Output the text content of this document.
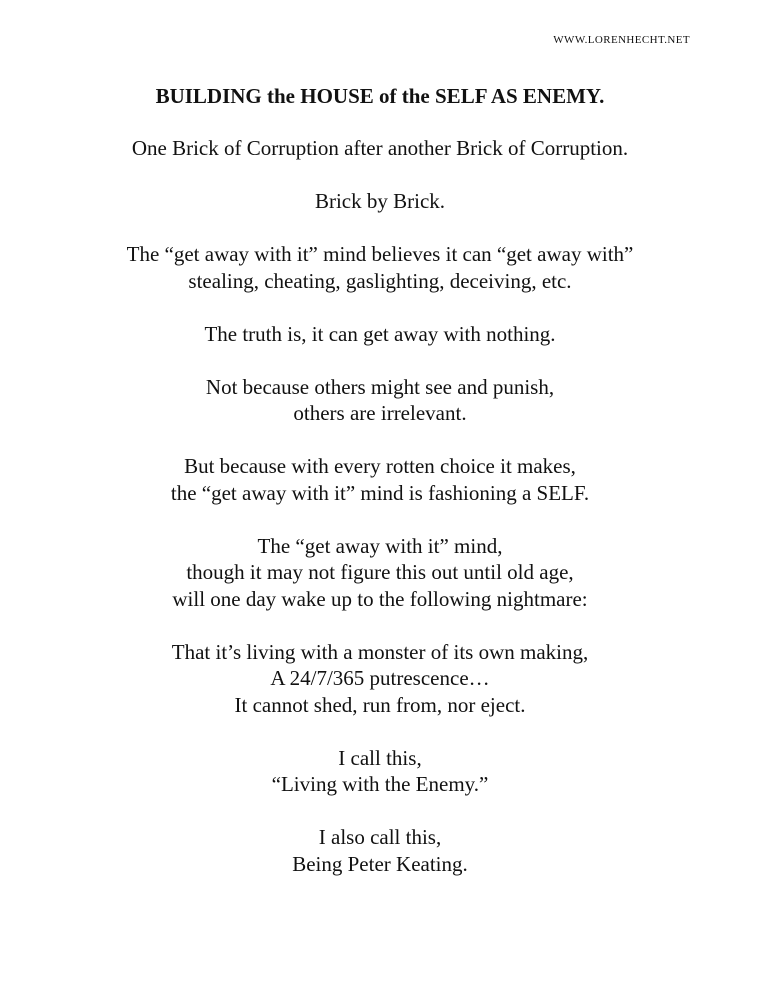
WWW.LORENHECHT.NET
BUILDING the HOUSE of the SELF AS ENEMY.
One Brick of Corruption after another Brick of Corruption.
Brick by Brick.
The “get away with it” mind believes it can “get away with”
stealing, cheating, gaslighting, deceiving, etc.
The truth is, it can get away with nothing.
Not because others might see and punish,
others are irrelevant.
But because with every rotten choice it makes,
the “get away with it” mind is fashioning a SELF.
The “get away with it” mind,
though it may not figure this out until old age,
will one day wake up to the following nightmare:
That it’s living with a monster of its own making,
A 24/7/365 putrescence…
It cannot shed, run from, nor eject.
I call this,
“Living with the Enemy.”
I also call this,
Being Peter Keating.
